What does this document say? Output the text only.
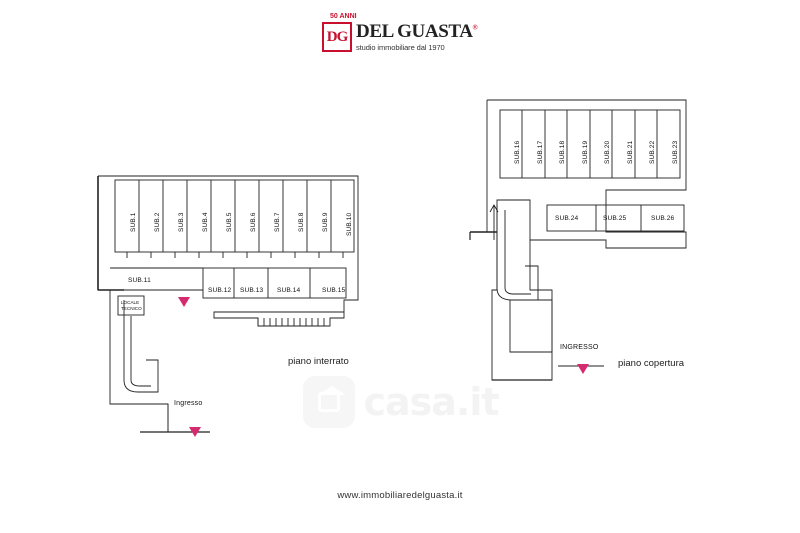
50 ANNI
DG DEL GUASTA®
studio immobiliare dal 1970
SUB.1	SUB.2	SUB.3	SUB.4	SUB.5	SUB.6	SUB.7	SUB.8	SUB.9	SUB.10
SUB.11
SUB.12 SUB.13 SUB.14	SUB.15
LOCALE
TECNICO
Ingresso
piano interrato
SUB.16 SUB.17 SUB.18 SUB.19 SUB.20 SUB.21 SUB.22 SUB.23
SUB.24	SUB.25	SUB.26
INGRESSO
piano copertura
casa.it
www.immobiliaredelguasta.it
